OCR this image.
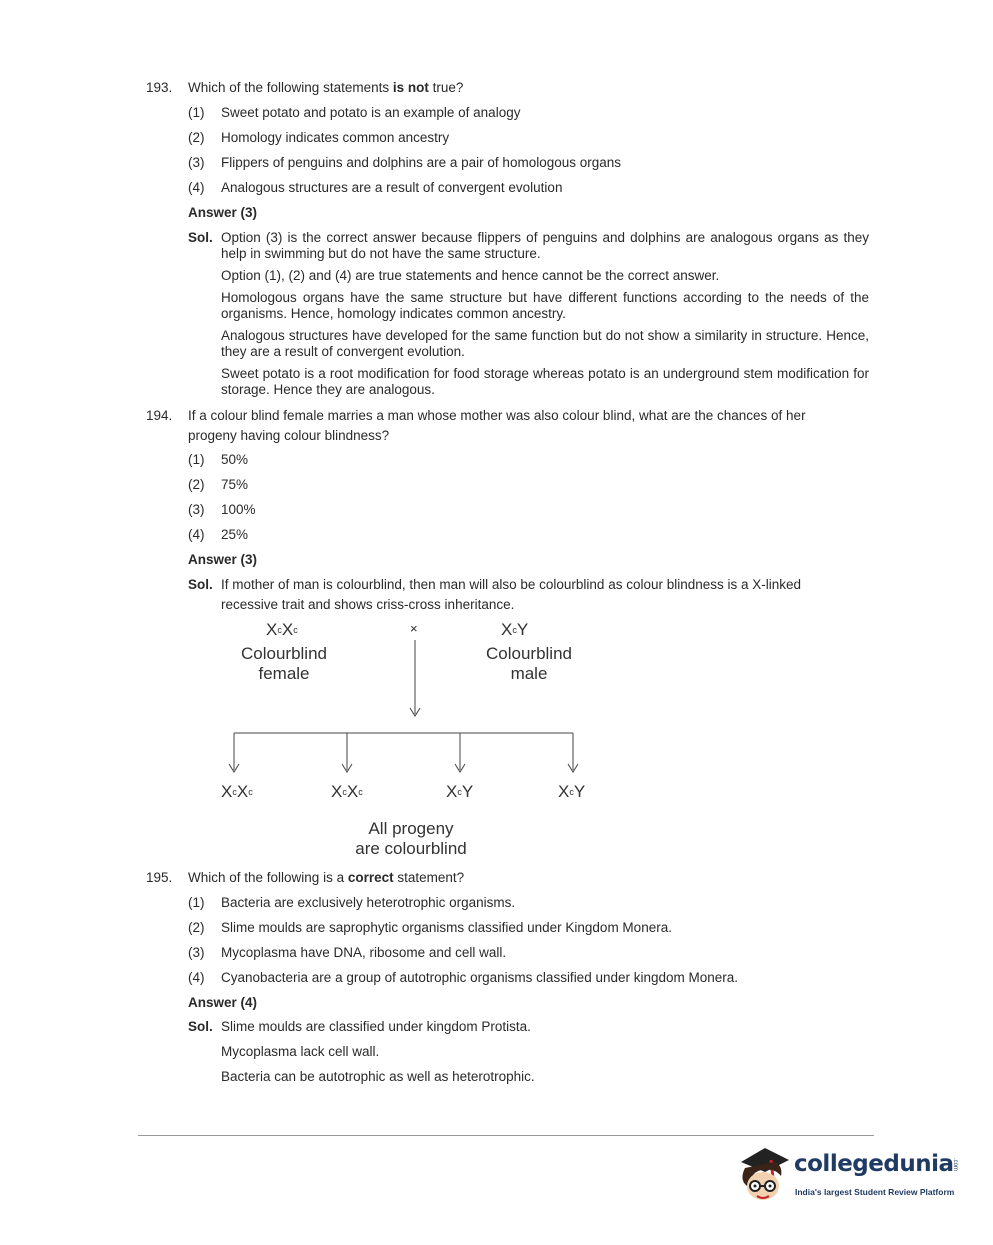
193. Which of the following statements is not true?
(1) Sweet potato and potato is an example of analogy
(2) Homology indicates common ancestry
(3) Flippers of penguins and dolphins are a pair of homologous organs
(4) Analogous structures are a result of convergent evolution
Answer (3)
Sol. Option (3) is the correct answer because flippers of penguins and dolphins are analogous organs as they help in swimming but do not have the same structure.
Option (1), (2) and (4) are true statements and hence cannot be the correct answer.
Homologous organs have the same structure but have different functions according to the needs of the organisms. Hence, homology indicates common ancestry.
Analogous structures have developed for the same function but do not show a similarity in structure. Hence, they are a result of convergent evolution.
Sweet potato is a root modification for food storage whereas potato is an underground stem modification for storage. Hence they are analogous.
194. If a colour blind female marries a man whose mother was also colour blind, what are the chances of her
progeny having colour blindness?
(1) 50%
(2) 75%
(3) 100%
(4) 25%
Answer (3)
Sol. If mother of man is colourblind, then man will also be colourblind as colour blindness is a X-linked
recessive trait and shows criss-cross inheritance.
$X^cX^c$	×	$X^cY$
Colourblind
female
Colourblind
male
$X^cX^c$	$X^cX^c$	$X^cY$	$X^cY$
All progeny
are colourblind
195. Which of the following is a correct statement?
(1) Bacteria are exclusively heterotrophic organisms.
(2) Slime moulds are saprophytic organisms classified under Kingdom Monera.
(3) Mycoplasma have DNA, ribosome and cell wall.
(4) Cyanobacteria are a group of autotrophic organisms classified under kingdom Monera.
Answer (4)
Sol. Slime moulds are classified under kingdom Protista.
Mycoplasma lack cell wall.
Bacteria can be autotrophic as well as heterotrophic.
collegedunia
.com
India's largest Student Review Platform
